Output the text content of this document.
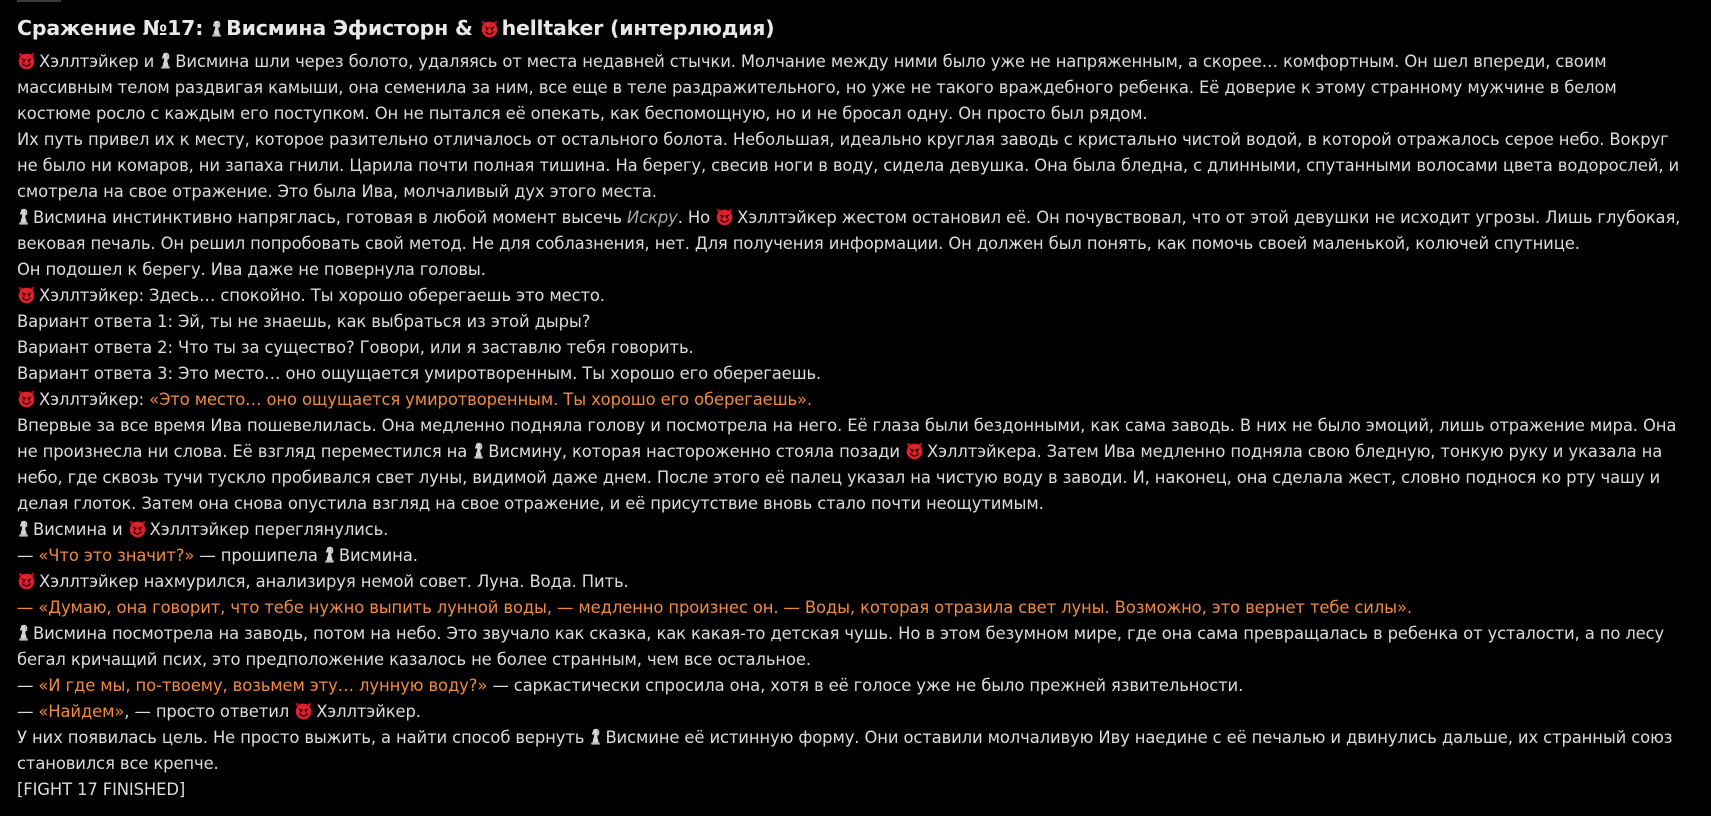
Сражение №17: Висмина Эфисторн & helltaker (интерлюдия)

Хэллтэйкер и Висмина шли через болото, удаляясь от места недавней стычки. Молчание между ними было уже не напряженным, а скорее… комфортным. Он шел впереди, своим массивным телом раздвигая камыши, она семенила за ним, все еще в теле раздражительного, но уже не такого враждебного ребенка. Её доверие к этому странному мужчине в белом костюме росло с каждым его поступком. Он не пытался её опекать, как беспомощную, но и не бросал одну. Он просто был рядом.

Их путь привел их к месту, которое разительно отличалось от остального болота. Небольшая, идеально круглая заводь с кристально чистой водой, в которой отражалось серое небо. Вокруг не было ни комаров, ни запаха гнили. Царила почти полная тишина. На берегу, свесив ноги в воду, сидела девушка. Она была бледна, с длинными, спутанными волосами цвета водорослей, и смотрела на свое отражение. Это была Ива, молчаливый дух этого места.

Висмина инстинктивно напряглась, готовая в любой момент высечь Искру. Но Хэллтэйкер жестом остановил её. Он почувствовал, что от этой девушки не исходит угрозы. Лишь глубокая, вековая печаль. Он решил попробовать свой метод. Не для соблазнения, нет. Для получения информации. Он должен был понять, как помочь своей маленькой, колючей спутнице.

Он подошел к берегу. Ива даже не повернула головы.

Хэллтэйкер: Здесь… спокойно. Ты хорошо оберегаешь это место.

Вариант ответа 1: Эй, ты не знаешь, как выбраться из этой дыры?

Вариант ответа 2: Что ты за существо? Говори, или я заставлю тебя говорить.

Вариант ответа 3: Это место… оно ощущается умиротворенным. Ты хорошо его оберегаешь.

Хэллтэйкер: «Это место… оно ощущается умиротворенным. Ты хорошо его оберегаешь».

Впервые за все время Ива пошевелилась. Она медленно подняла голову и посмотрела на него. Её глаза были бездонными, как сама заводь. В них не было эмоций, лишь отражение мира. Она не произнесла ни слова. Её взгляд переместился на Висмину, которая настороженно стояла позади Хэллтэйкера. Затем Ива медленно подняла свою бледную, тонкую руку и указала на небо, где сквозь тучи тускло пробивался свет луны, видимой даже днем. После этого её палец указал на чистую воду в заводи. И, наконец, она сделала жест, словно поднося ко рту чашу и делая глоток. Затем она снова опустила взгляд на свое отражение, и её присутствие вновь стало почти неощутимым.

Висмина и Хэллтэйкер переглянулись.

— «Что это значит?» — прошипела Висмина.

Хэллтэйкер нахмурился, анализируя немой совет. Луна. Вода. Пить.

— «Думаю, она говорит, что тебе нужно выпить лунной воды, — медленно произнес он. — Воды, которая отразила свет луны. Возможно, это вернет тебе силы».

Висмина посмотрела на заводь, потом на небо. Это звучало как сказка, как какая-то детская чушь. Но в этом безумном мире, где она сама превращалась в ребенка от усталости, а по лесу бегал кричащий псих, это предположение казалось не более странным, чем все остальное.

— «И где мы, по-твоему, возьмем эту… лунную воду?» — саркастически спросила она, хотя в её голосе уже не было прежней язвительности.

— «Найдем», — просто ответил Хэллтэйкер.

У них появилась цель. Не просто выжить, а найти способ вернуть Висмине её истинную форму. Они оставили молчаливую Иву наедине с её печалью и двинулись дальше, их странный союз становился все крепче.

[FIGHT 17 FINISHED]
